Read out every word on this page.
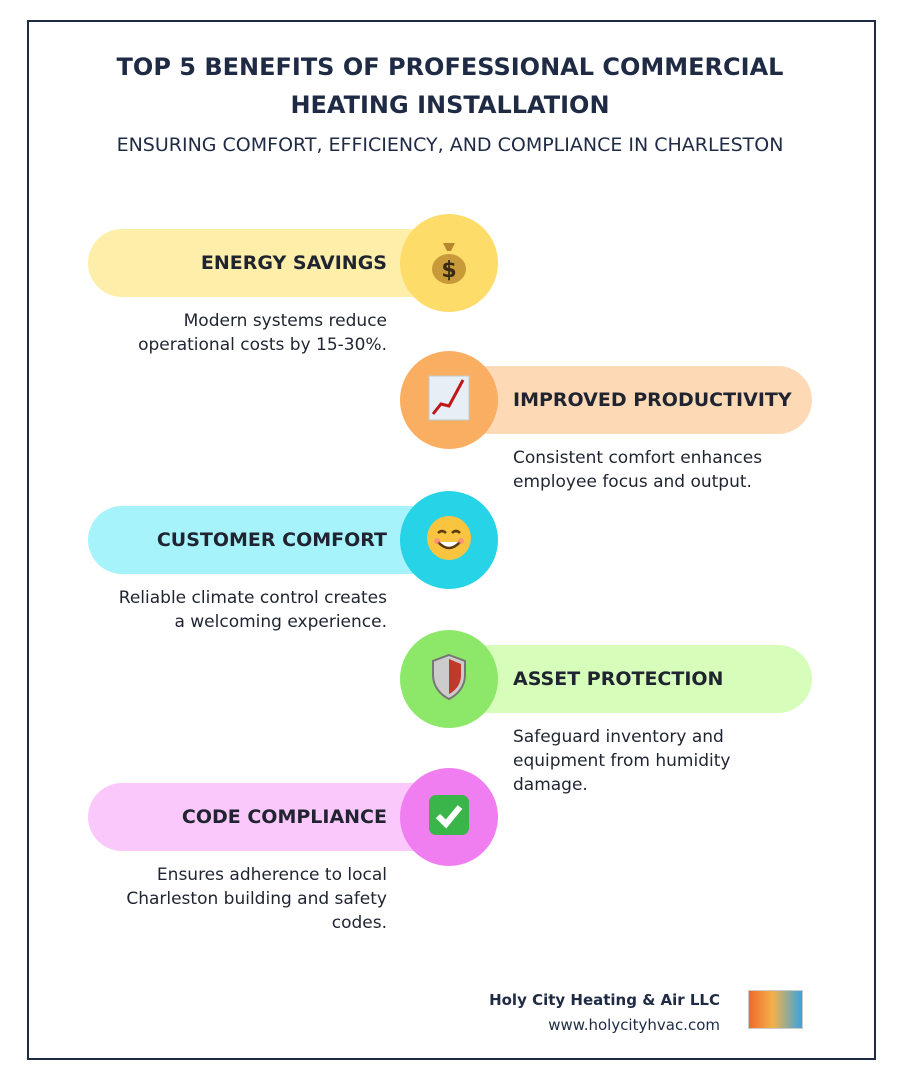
TOP 5 BENEFITS OF PROFESSIONAL COMMERCIAL
HEATING INSTALLATION
ENSURING COMFORT, EFFICIENCY, AND COMPLIANCE IN CHARLESTON
$
ENERGY SAVINGS
Modern systems reduce operational costs by 15-30%.
IMPROVED PRODUCTIVITY
Consistent comfort enhances employee focus and output.
CUSTOMER COMFORT
Reliable climate control creates a welcoming experience.
ASSET PROTECTION
Safeguard inventory and equipment from humidity damage.
CODE COMPLIANCE
Ensures adherence to local Charleston building and safety codes.
Holy City Heating & Air LLC
www.holycityhvac.com
